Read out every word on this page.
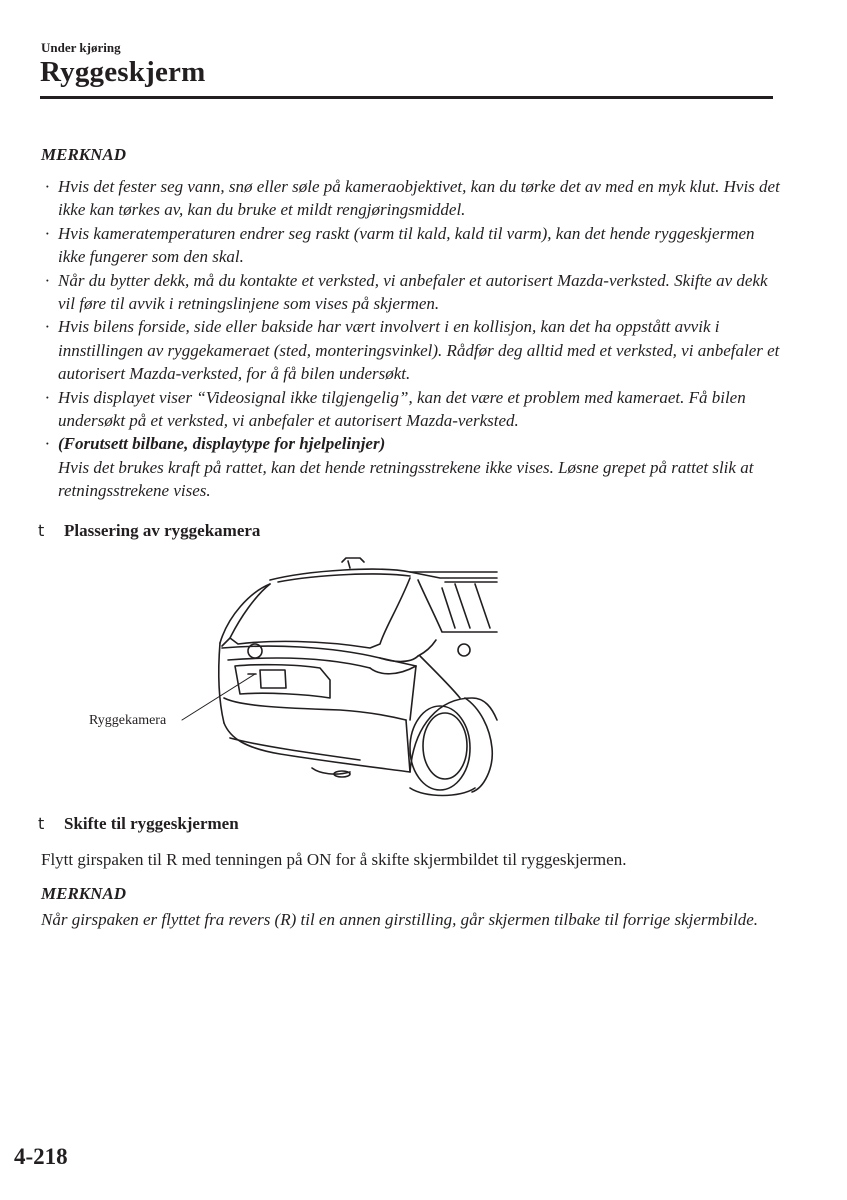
Under kjøring
Ryggeskjerm
MERKNAD
· Hvis det fester seg vann, snø eller søle på kameraobjektivet, kan du tørke det av med en myk klut. Hvis det ikke kan tørkes av, kan du bruke et mildt rengjøringsmiddel.
· Hvis kameratemperaturen endrer seg raskt (varm til kald, kald til varm), kan det hende ryggeskjermen ikke fungerer som den skal.
· Når du bytter dekk, må du kontakte et verksted, vi anbefaler et autorisert Mazda-verksted. Skifte av dekk vil føre til avvik i retningslinjene som vises på skjermen.
· Hvis bilens forside, side eller bakside har vært involvert i en kollisjon, kan det ha oppstått avvik i innstillingen av ryggekameraet (sted, monteringsvinkel). Rådfør deg alltid med et verksted, vi anbefaler et autorisert Mazda-verksted, for å få bilen undersøkt.
· Hvis displayet viser “Videosignal ikke tilgjengelig”, kan det være et problem med kameraet. Få bilen undersøkt på et verksted, vi anbefaler et autorisert Mazda-verksted.
· (Forutsett bilbane, displaytype for hjelpelinjer)
Hvis det brukes kraft på rattet, kan det hende retningsstrekene ikke vises. Løsne grepet på rattet slik at retningsstrekene vises.
t Plassering av ryggekamera
Ryggekamera
t Skifte til ryggeskjermen
Flytt girspaken til R med tenningen på ON for å skifte skjermbildet til ryggeskjermen.
MERKNAD
Når girspaken er flyttet fra revers (R) til en annen girstilling, går skjermen tilbake til forrige skjermbilde.
4-218
